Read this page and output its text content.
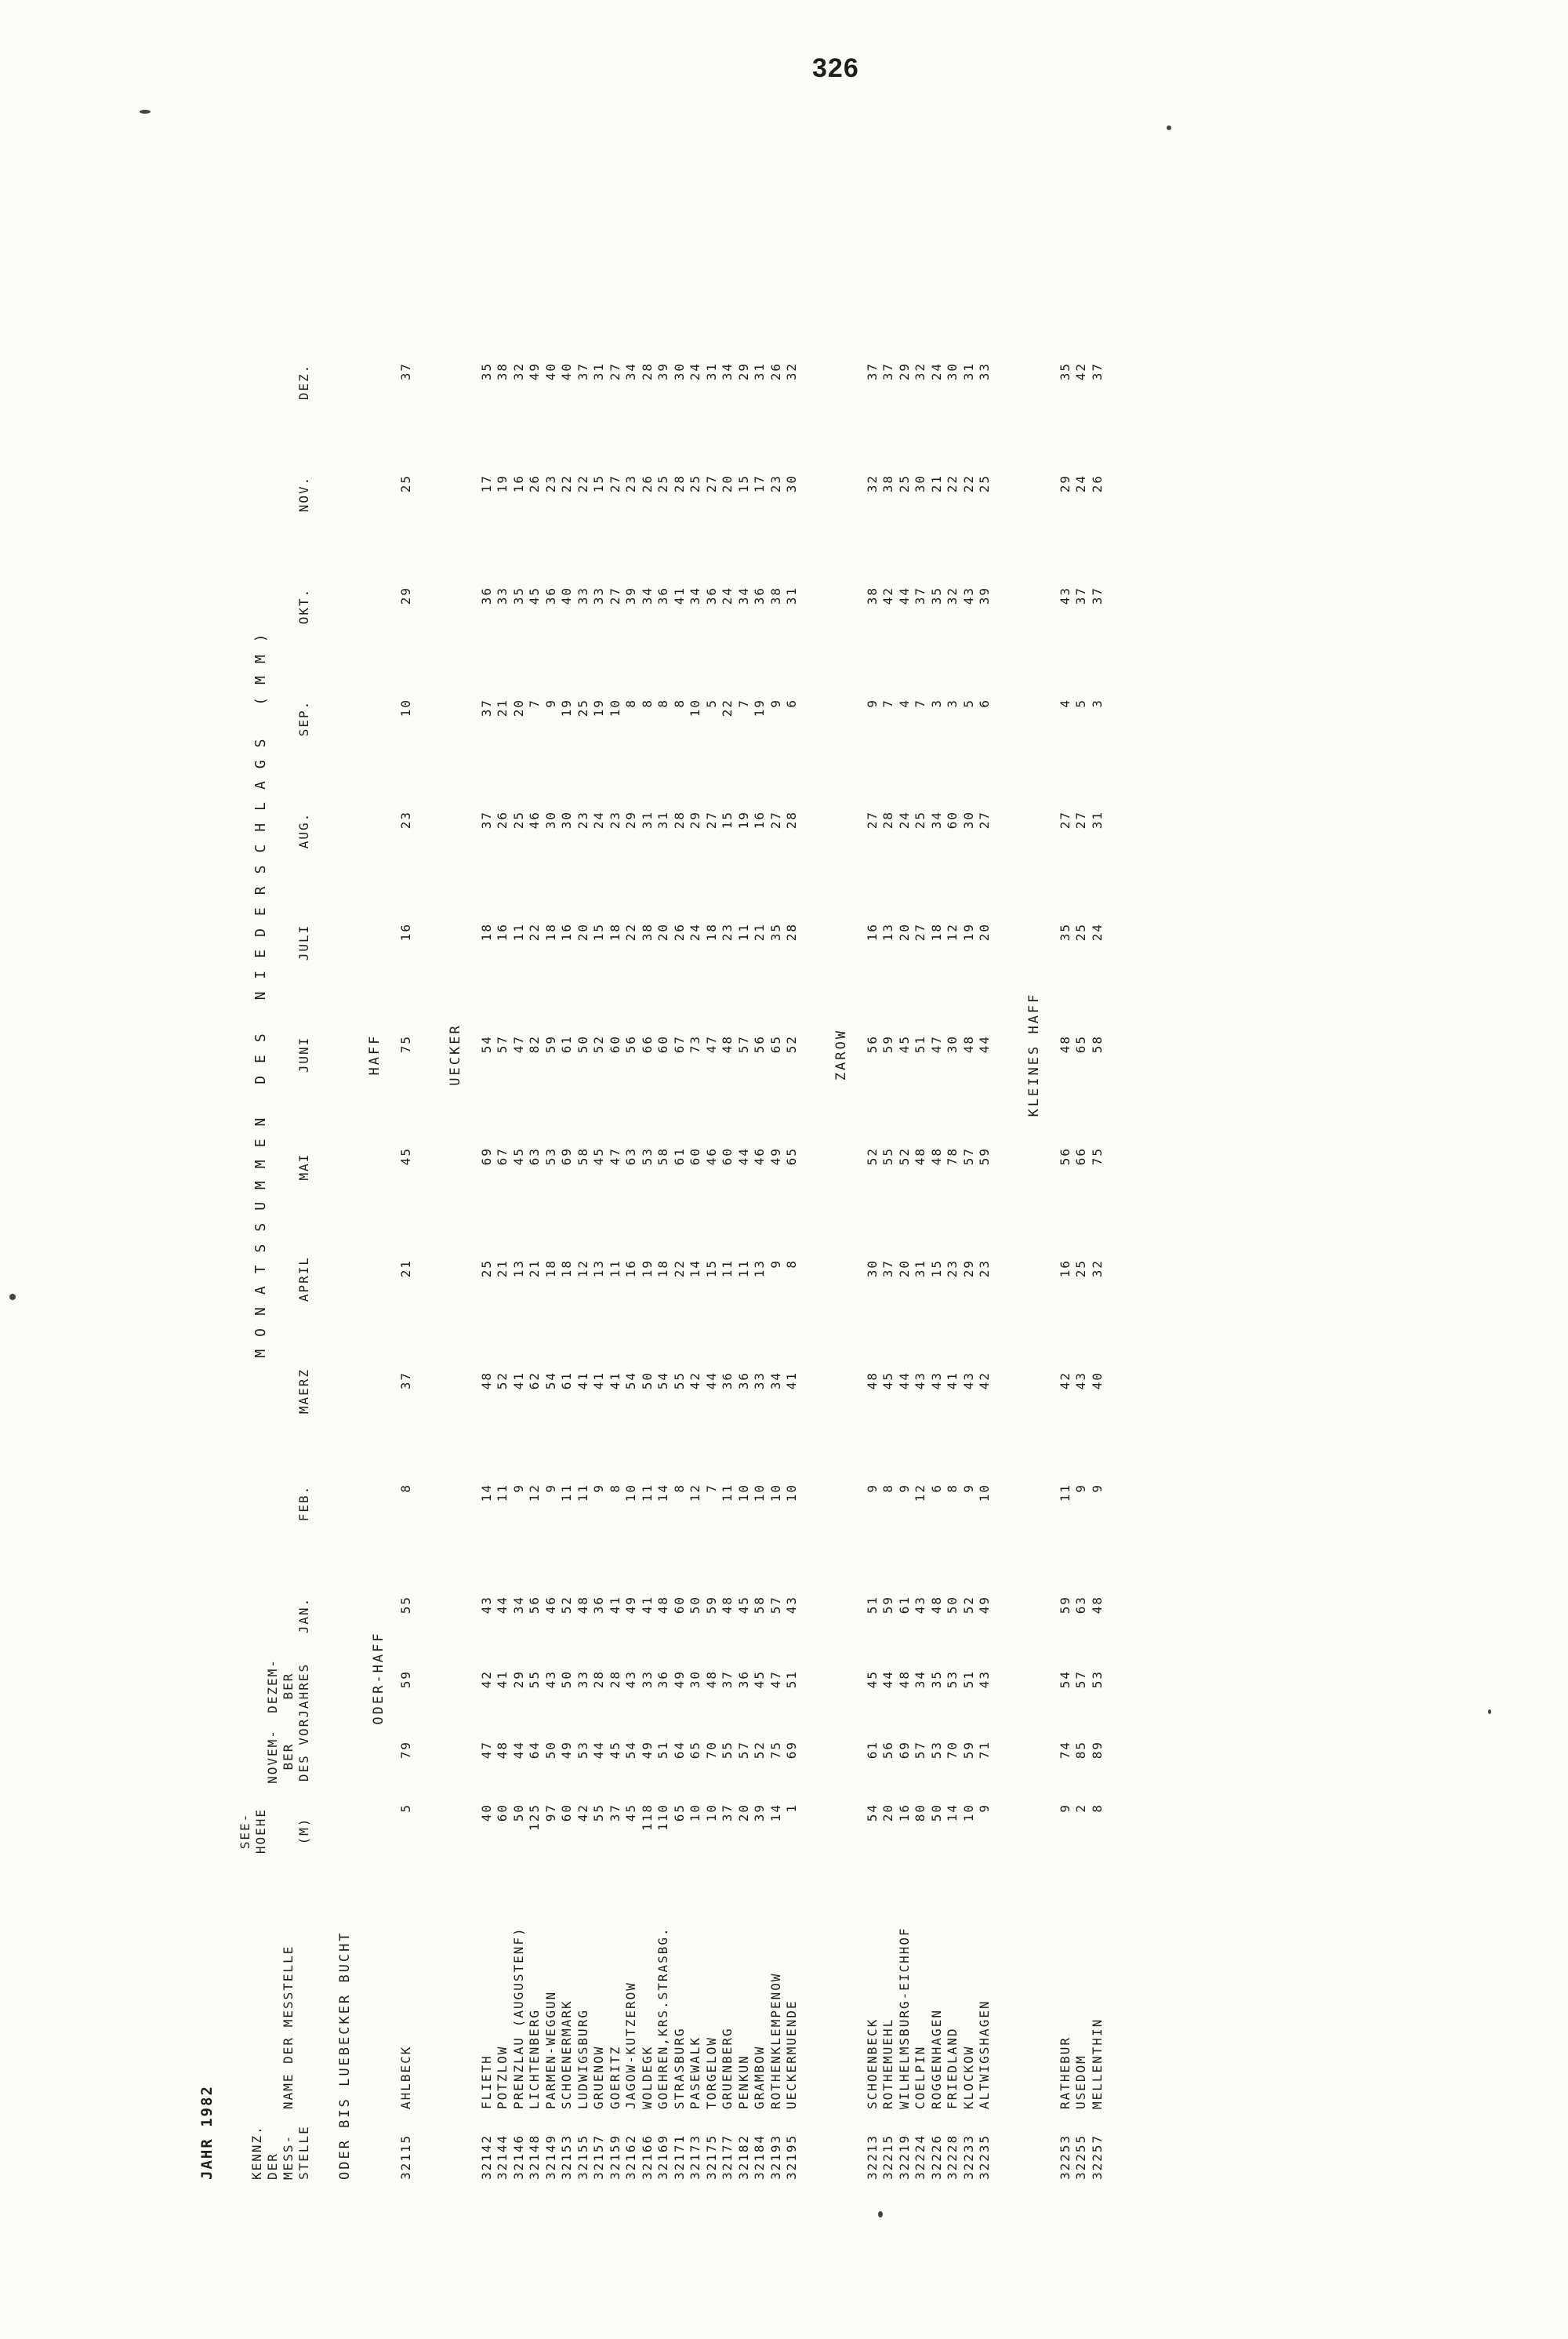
326
JAHR 1982
MONATSSUMMEN DES NIEDERSCHLAGS (MM)
KENNZ. DER MESS- STELLE
NAME DER MESSTELLE
SEE- HOEHE (M)
NOVEM- BER
DEZEM- BER DES VORJAHRES
JAN.
FEB.
MAERZ
APRIL
MAI
JUNI
JULI
AUG.
SEP.
OKT.
NOV.
DEZ.
ODER BIS LUEBECKER BUCHT
HAFF
ODER-HAFF
32115
AHLBECK
5
79
59
55
8
37
21
45
75
16
23
10
29
25
37
UECKER
32142
FLIETH
40
47
42
43
14
48
25
69
54
18
37
37
36
17
35
32144
POTZLOW
60
48
41
44
11
52
21
67
57
16
26
21
33
19
38
32146
PRENZLAU (AUGUSTENF)
50
44
29
34
9
41
13
45
47
11
25
20
35
16
32
32148
LICHTENBERG
125
64
55
56
12
62
21
63
82
22
46
7
45
26
49
32149
PARMEN-WEGGUN
97
50
43
46
9
54
18
53
59
18
30
9
36
23
40
32153
SCHOENERMARK
60
49
50
52
11
61
18
69
61
16
30
19
40
22
40
32155
LUDWIGSBURG
42
53
33
48
11
41
12
58
50
20
23
25
33
22
37
32157
GRUENOW
55
44
28
36
9
41
13
45
52
15
24
19
33
15
31
32159
GOERITZ
37
45
28
41
8
41
11
47
60
18
23
10
27
27
27
32162
JAGOW-KUTZEROW
45
54
43
49
10
54
16
63
56
22
29
8
39
23
34
32166
WOLDEGK
118
49
33
41
11
50
19
53
66
38
31
8
34
26
28
32169
GOEHREN,KRS.STRASBG.
110
51
36
48
14
54
18
58
60
20
31
8
36
25
39
32171
STRASBURG
65
64
49
60
8
55
22
61
67
26
28
8
41
28
30
32173
PASEWALK
10
65
30
50
12
42
14
60
73
24
29
10
34
25
24
32175
TORGELOW
10
70
48
59
7
44
15
46
47
18
27
5
36
27
31
32177
GRUENBERG
37
55
37
48
11
36
11
60
48
23
15
22
24
20
34
32182
PENKUN
20
57
36
45
10
36
11
44
57
11
19
7
34
15
29
32184
GRAMBOW
39
52
45
58
10
33
13
46
56
21
16
19
36
17
31
32193
ROTHENKLEMPENOW
14
75
47
57
10
34
9
49
65
35
27
9
38
23
26
32195
UECKERMUENDE
1
69
51
43
10
41
8
65
52
28
28
6
31
30
32
ZAROW
32213
SCHOENBECK
54
61
45
51
9
48
30
52
56
16
27
9
38
32
37
32215
ROTHEMUEHL
20
56
44
59
8
45
37
55
59
13
28
7
42
38
37
32219
WILHELMSBURG-EICHHOF
16
69
48
61
9
44
20
52
45
20
24
4
44
25
29
32224
COELPIN
80
57
34
43
12
43
31
48
51
27
25
7
37
30
32
32226
ROGGENHAGEN
50
53
35
48
6
43
15
48
47
18
34
3
35
21
24
32228
FRIEDLAND
14
70
53
50
8
41
23
78
30
12
60
3
32
22
30
32233
KLOCKOW
10
59
51
52
9
43
29
57
48
19
30
5
43
22
31
32235
ALTWIGSHAGEN
9
71
43
49
10
42
23
59
44
20
27
6
39
25
33
KLEINES HAFF
32253
RATHEBUR
9
74
54
59
11
42
16
56
48
35
27
4
43
29
35
32255
USEDOM
2
85
57
63
9
43
25
66
65
25
27
5
37
24
42
32257
MELLENTHIN
8
89
53
48
9
40
32
75
58
24
31
3
37
26
37
